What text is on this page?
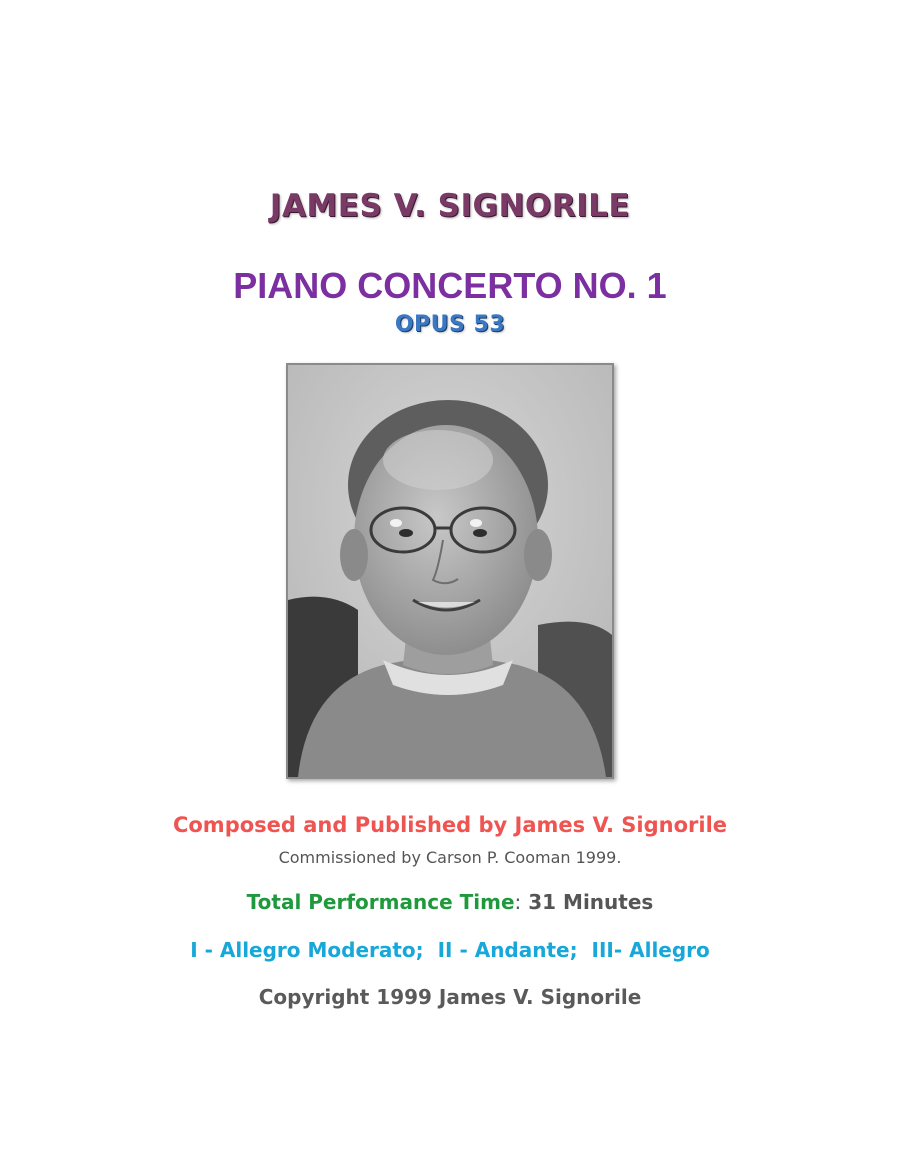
JAMES V. SIGNORILE
PIANO CONCERTO NO. 1
OPUS 53
Composed and Published by James V. Signorile
Commissioned by Carson P. Cooman 1999.
Total Performance Time: 31 Minutes
I - Allegro Moderato;  II - Andante;  III- Allegro
Copyright 1999 James V. Signorile
